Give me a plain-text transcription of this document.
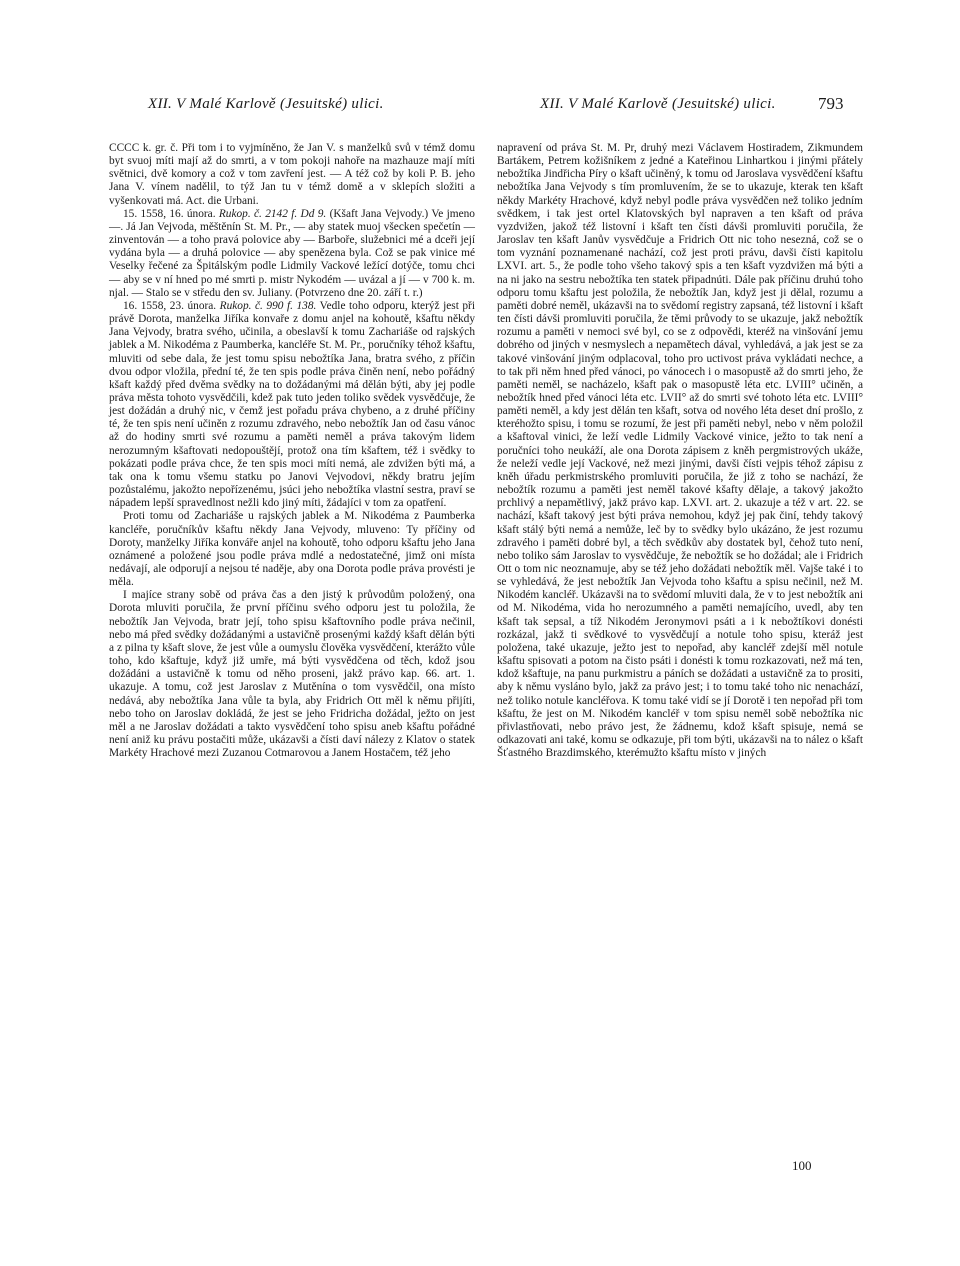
XII. V Malé Karlově (Jesuitské) ulici.	XII. V Malé Karlově (Jesuitské) ulici. 793

CCCC k. gr. č. Při tom i to vyjmíněno, že Jan V. s manželků svů v témž domu byt svuoj míti mají až do smrti, a v tom pokoji nahoře na mazhauze mají míti světnici, dvě komory a což v tom zavření jest. — A též což by koli P. B. jeho Jana V. vínem nadělil, to týž Jan tu v témž domě a v sklepích složiti a vyšenkovati má. Act. die Urbani.

15. 1558, 16. února. Rukop. č. 2142 f. Dd 9. (Kšaft Jana Vejvody.) Ve jmeno —. Já Jan Vejvoda, měštěnín St. M. Pr., — aby statek muoj všecken spečetín — zinventován — a toho pravá polovice aby — Barboře, služebnici mé a dceři její vydána byla — a druhá polovice — aby spenězena byla. Což se pak vinice mé Veselky řečené za Špitálským podle Lidmily Vackové ležící dotýče, tomu chci — aby se v ní hned po mé smrti p. mistr Nykodém — uvázal a jí — v 700 k. m. njal. — Stalo se v středu den sv. Juliany. (Potvrzeno dne 20. září t. r.)

16. 1558, 23. února. Rukop. č. 990 f. 138. Vedle toho odporu, kterýž jest při právě Dorota, manželka Jiříka konvaře z domu anjel na kohoutě, kšaftu někdy Jana Vejvody, bratra svého, učinila, a obeslavší k tomu Zachariáše od rajských jablek a M. Nikodéma z Paumberka, kancléře St. M. Pr., poručníky téhož kšaftu, mluviti od sebe dala, že jest tomu spisu nebožtíka Jana, bratra svého, z příčin dvou odpor vložila, přední té, že ten spis podle práva činěn není, nebo pořádný kšaft každý před dvěma svědky na to dožádanými má dělán býti, aby jej podle práva města tohoto vysvědčili, kdež pak tuto jeden toliko svědek vysvědčuje, že jest dožádán a druhý nic, v čemž jest pořadu práva chybeno, a z druhé příčiny té, že ten spis není učiněn z rozumu zdravého, nebo nebožtík Jan od času vánoc až do hodiny smrti své rozumu a paměti neměl a práva takovým lidem nerozumným kšaftovati nedopouštějí, protož ona tím kšaftem, též i svědky to pokázati podle práva chce, že ten spis moci míti nemá, ale zdvižen býti má, a tak ona k tomu všemu statku po Janovi Vejvodovi, někdy bratru jejím pozůstalému, jakožto nepořízenému, jsúci jeho nebožtíka vlastní sestra, praví se nápadem lepší spravedlnost nežli kdo jiný míti, žádajíci v tom za opatření.

Proti tomu od Zachariáše u rajských jablek a M. Nikodéma z Paumberka kancléře, poručníkův kšaftu někdy Jana Vejvody, mluveno: Ty příčiny od Doroty, manželky Jiříka konváře anjel na kohoutě, toho odporu kšaftu jeho Jana oznámené a položené jsou podle práva mdlé a nedostatečné, jimž oni místa nedávají, ale odporují a nejsou té naděje, aby ona Dorota podle práva provésti je měla.

I majíce strany sobě od práva čas a den jistý k průvodům položený, ona Dorota mluviti poručila, že první příčinu svého odporu jest tu položila, že nebožtík Jan Vejvoda, bratr její, toho spisu kšaftovního podle práva nečinil, nebo má před svědky dožádanými a ustavičně prosenými každý kšaft dělán býti a z pilna ty kšaft slove, že jest vůle a oumyslu člověka vysvědčení, kterážto vůle toho, kdo kšaftuje, když již umře, má býti vysvědčena od těch, kdož jsou dožádáni a ustavičně k tomu od něho proseni, jakž právo kap. 66. art. 1. ukazuje. A tomu, což jest Jaroslav z Mutěnína o tom vysvědčil, ona místo nedává, aby nebožtíka Jana vůle ta byla, aby Fridrich Ott měl k němu přijíti, nebo toho on Jaroslav dokládá, že jest se jeho Fridricha dožádal, ježto on jest měl a ne Jaroslav dožádati a takto vysvědčení toho spisu aneb kšaftu pořádné není aniž ku právu postačiti může, ukázavši a čísti daví nálezy z Klatov o statek Markéty Hrachové mezi Zuzanou Cotmarovou a Janem Hostačem, též jeho

napravení od práva St. M. Pr, druhý mezi Václavem Hostiradem, Zikmundem Bartákem, Petrem kožišníkem z jedné a Kateřinou Linhartkou i jinými přátely nebožtíka Jindřicha Píry o kšaft učiněný, k tomu od Jaroslava vysvědčení kšaftu nebožtíka Jana Vejvody s tím promluvením, že se to ukazuje, kterak ten kšaft někdy Markéty Hrachové, když nebyl podle práva vysvědčen než toliko jedním svědkem, i tak jest ortel Klatovských byl napraven a ten kšaft od práva vyzdvižen, jakož též listovní i kšaft ten čísti dávši promluviti poručila, že Jaroslav ten kšaft Janův vysvědčuje a Fridrich Ott nic toho nesezná, což se o tom vyznání poznamenané nachází, což jest proti právu, davši čísti kapitolu LXVI. art. 5., že podle toho všeho takový spis a ten kšaft vyzdvižen má býti a na ni jako na sestru nebožtíka ten statek připadnúti. Dále pak příčinu druhú toho odporu tomu kšaftu jest položila, že nebožtík Jan, když jest ji dělal, rozumu a paměti dobré neměl, ukázavši na to svědomí registry zapsaná, též listovní i kšaft ten čísti dávši promluviti poručila, že těmi průvody to se ukazuje, jakž nebožtík rozumu a paměti v nemoci své byl, co se z odpovědi, kteréž na vinšování jemu dobrého od jiných v nesmyslech a nepamětech dával, vyhledává, a jak jest se za takové vinšování jiným odplacoval, toho pro uctivost práva vykládati nechce, a to tak při něm hned před vánoci, po vánocech i o masopustě až do smrti jeho, že paměti neměl, se nacházelo, kšaft pak o masopustě léta etc. LVIII° učiněn, a nebožtík hned před vánoci léta etc. LVII° až do smrti své tohoto léta etc. LVIII° paměti neměl, a kdy jest dělán ten kšaft, sotva od nového léta deset dní prošlo, z kteréhožto spisu, i tomu se rozumí, že jest při paměti nebyl, nebo v něm položil a kšaftoval vinici, že leží vedle Lidmily Vackové vinice, ježto to tak není a poručníci toho neukáží, ale ona Dorota zápisem z kněh pergmistrových ukáže, že neleží vedle její Vackové, než mezi jinými, davši čísti vejpis téhož zápisu z kněh úřadu perkmistrského promluviti poručila, že již z toho se nachází, že nebožtík rozumu a paměti jest neměl takové kšafty dělaje, a takový jakožto prchlivý a nepamětlivý, jakž právo kap. LXVI. art. 2. ukazuje a též v art. 22. se nachází, kšaft takový jest býti práva nemohou, když jej pak činí, tehdy takový kšaft stálý býti nemá a nemůže, leč by to svědky bylo ukázáno, že jest rozumu zdravého i paměti dobré byl, a těch svědkův aby dostatek byl, čehož tuto není, nebo toliko sám Jaroslav to vysvědčuje, že nebožtík se ho dožádal; ale i Fridrich Ott o tom nic neoznamuje, aby se též jeho dožádati nebožtík měl. Vajše také i to se vyhledává, že jest nebožtík Jan Vejvoda toho kšaftu a spisu nečinil, než M. Nikodém kancléř. Ukázavši na to svědomí mluviti dala, že v to jest nebožtík ani od M. Nikodéma, vida ho nerozumného a paměti nemajícího, uvedl, aby ten kšaft tak sepsal, a tíž Nikodém Jeronymovi psáti a i k nebožtíkovi donésti rozkázal, jakž ti svědkové to vysvědčují a notule toho spisu, kteráž jest položena, také ukazuje, ježto jest to nepořad, aby kancléř zdejší měl notule kšaftu spisovati a potom na čisto psáti i donésti k tomu rozkazovati, než má ten, kdož kšaftuje, na panu purkmistru a páních se dožádati a ustavičně za to prositi, aby k němu vysláno bylo, jakž za právo jest; i to tomu také toho nic nenachází, než toliko notule kancléřova. K tomu také vidí se jí Dorotě i ten nepořad při tom kšaftu, že jest on M. Nikodém kancléř v tom spisu neměl sobě nebožtíka nic přivlastňovati, nebo právo jest, že žádnemu, kdož kšaft spisuje, nemá se odkazovati ani také, komu se odkazuje, při tom býti, ukázavši na to nález o kšaft Šťastného Brazdimského, kterémužto kšaftu místo v jiných

100
